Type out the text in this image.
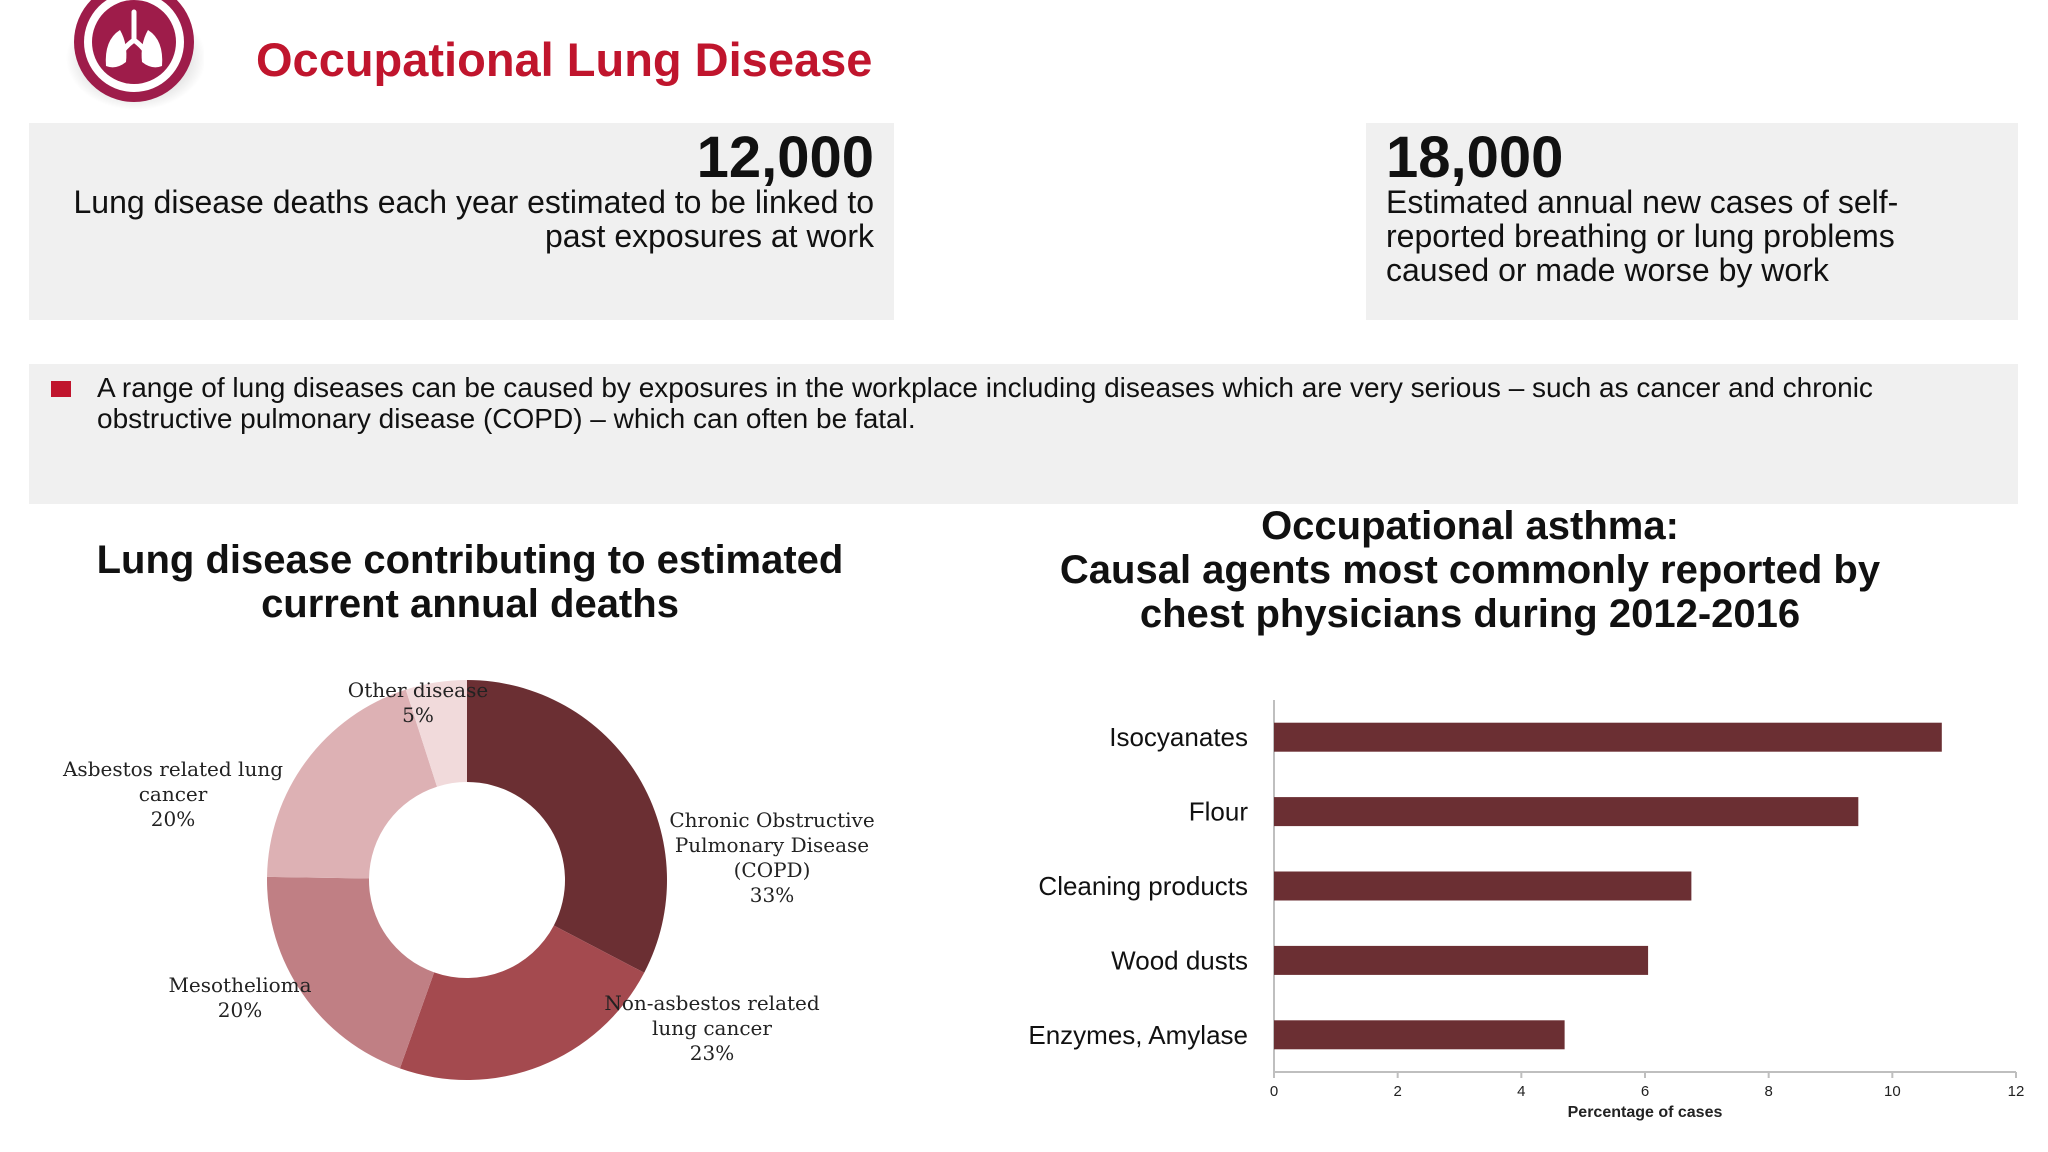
Occupational Lung Disease
12,000
Lung disease deaths each year estimated to be linked to past exposures at work
18,000
Estimated annual new cases of self-reported breathing or lung problems caused or made worse by work
A range of lung diseases can be caused by exposures in the workplace including diseases which are very serious – such as cancer and chronic obstructive pulmonary disease (COPD) – which can often be fatal.
Lung disease contributing to estimated current annual deaths
Occupational asthma:
Causal agents most commonly reported by
chest physicians during 2012-2016
Chronic Obstructive Pulmonary Disease (COPD)
33%
Non-asbestos related lung cancer
23%
Mesothelioma
20%
Asbestos related lung cancer
20%
Other disease
5%
Isocyanates
Flour
Cleaning products
Wood dusts
Enzymes, Amylase
0	2	4	6	8	10	12
Percentage of cases
